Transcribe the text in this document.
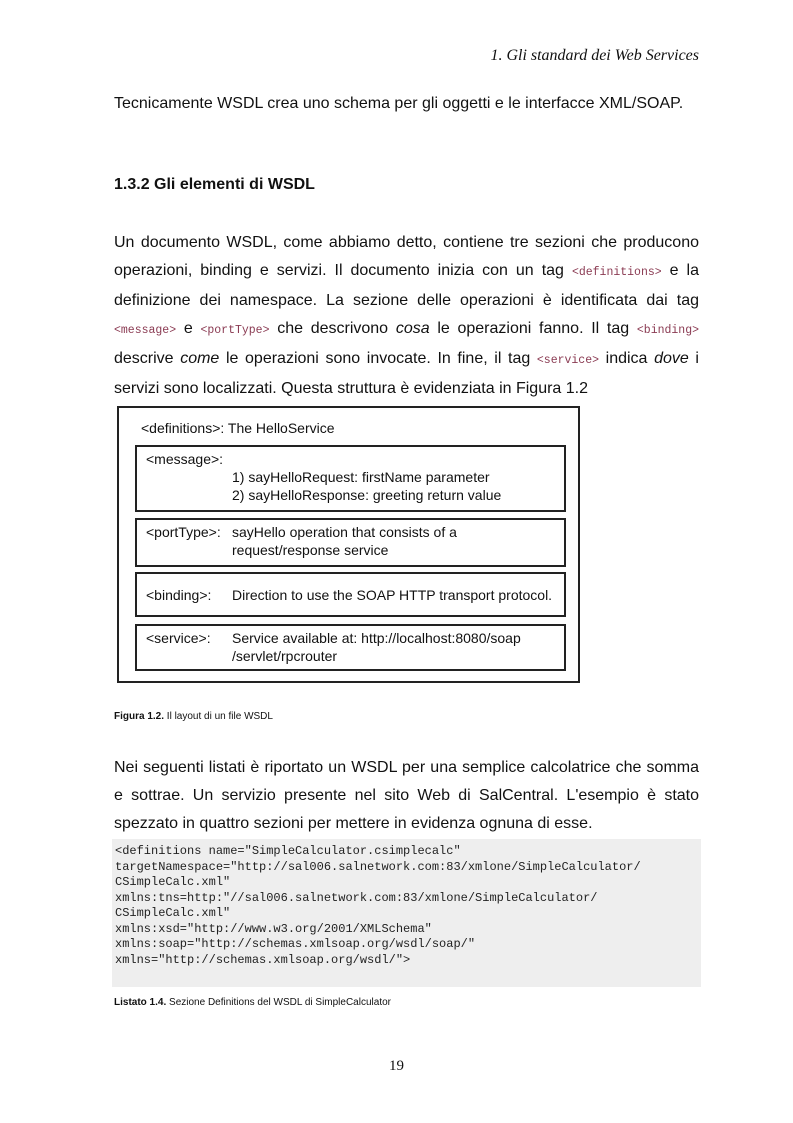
1. Gli standard dei Web Services

Tecnicamente WSDL crea uno schema per gli oggetti e le interfacce XML/SOAP.

1.3.2 Gli elementi di WSDL

Un documento WSDL, come abbiamo detto, contiene tre sezioni che producono operazioni, binding e servizi. Il documento inizia con un tag <definitions> e la definizione dei namespace. La sezione delle operazioni è identificata dai tag <message> e <portType> che descrivono cosa le operazioni fanno. Il tag <binding> descrive come le operazioni sono invocate. In fine, il tag <service> indica dove i servizi sono localizzati. Questa struttura è evidenziata in Figura 1.2

<definitions>: The HelloService
<message>:
1) sayHelloRequest: firstName parameter
2) sayHelloResponse: greeting return value
<portType>: sayHello operation that consists of a
request/response service
<binding>: Direction to use the SOAP HTTP transport protocol.
<service>: Service available at: http://localhost:8080/soap
/servlet/rpcrouter
Figura 1.2. Il layout di un file WSDL

Nei seguenti listati è riportato un WSDL per una semplice calcolatrice che somma e sottrae. Un servizio presente nel sito Web di SalCentral. L'esempio è stato spezzato in quattro sezioni per mettere in evidenza ognuna di esse.

<definitions name="SimpleCalculator.csimplecalc"
targetNamespace="http://sal006.salnetwork.com:83/xmlone/SimpleCalculator/
CSimpleCalc.xml"
xmlns:tns=http:"//sal006.salnetwork.com:83/xmlone/SimpleCalculator/
CSimpleCalc.xml"
xmlns:xsd="http://www.w3.org/2001/XMLSchema"
xmlns:soap="http://schemas.xmlsoap.org/wsdl/soap/"
xmlns="http://schemas.xmlsoap.org/wsdl/">
Listato 1.4. Sezione Definitions del WSDL di SimpleCalculator
19
